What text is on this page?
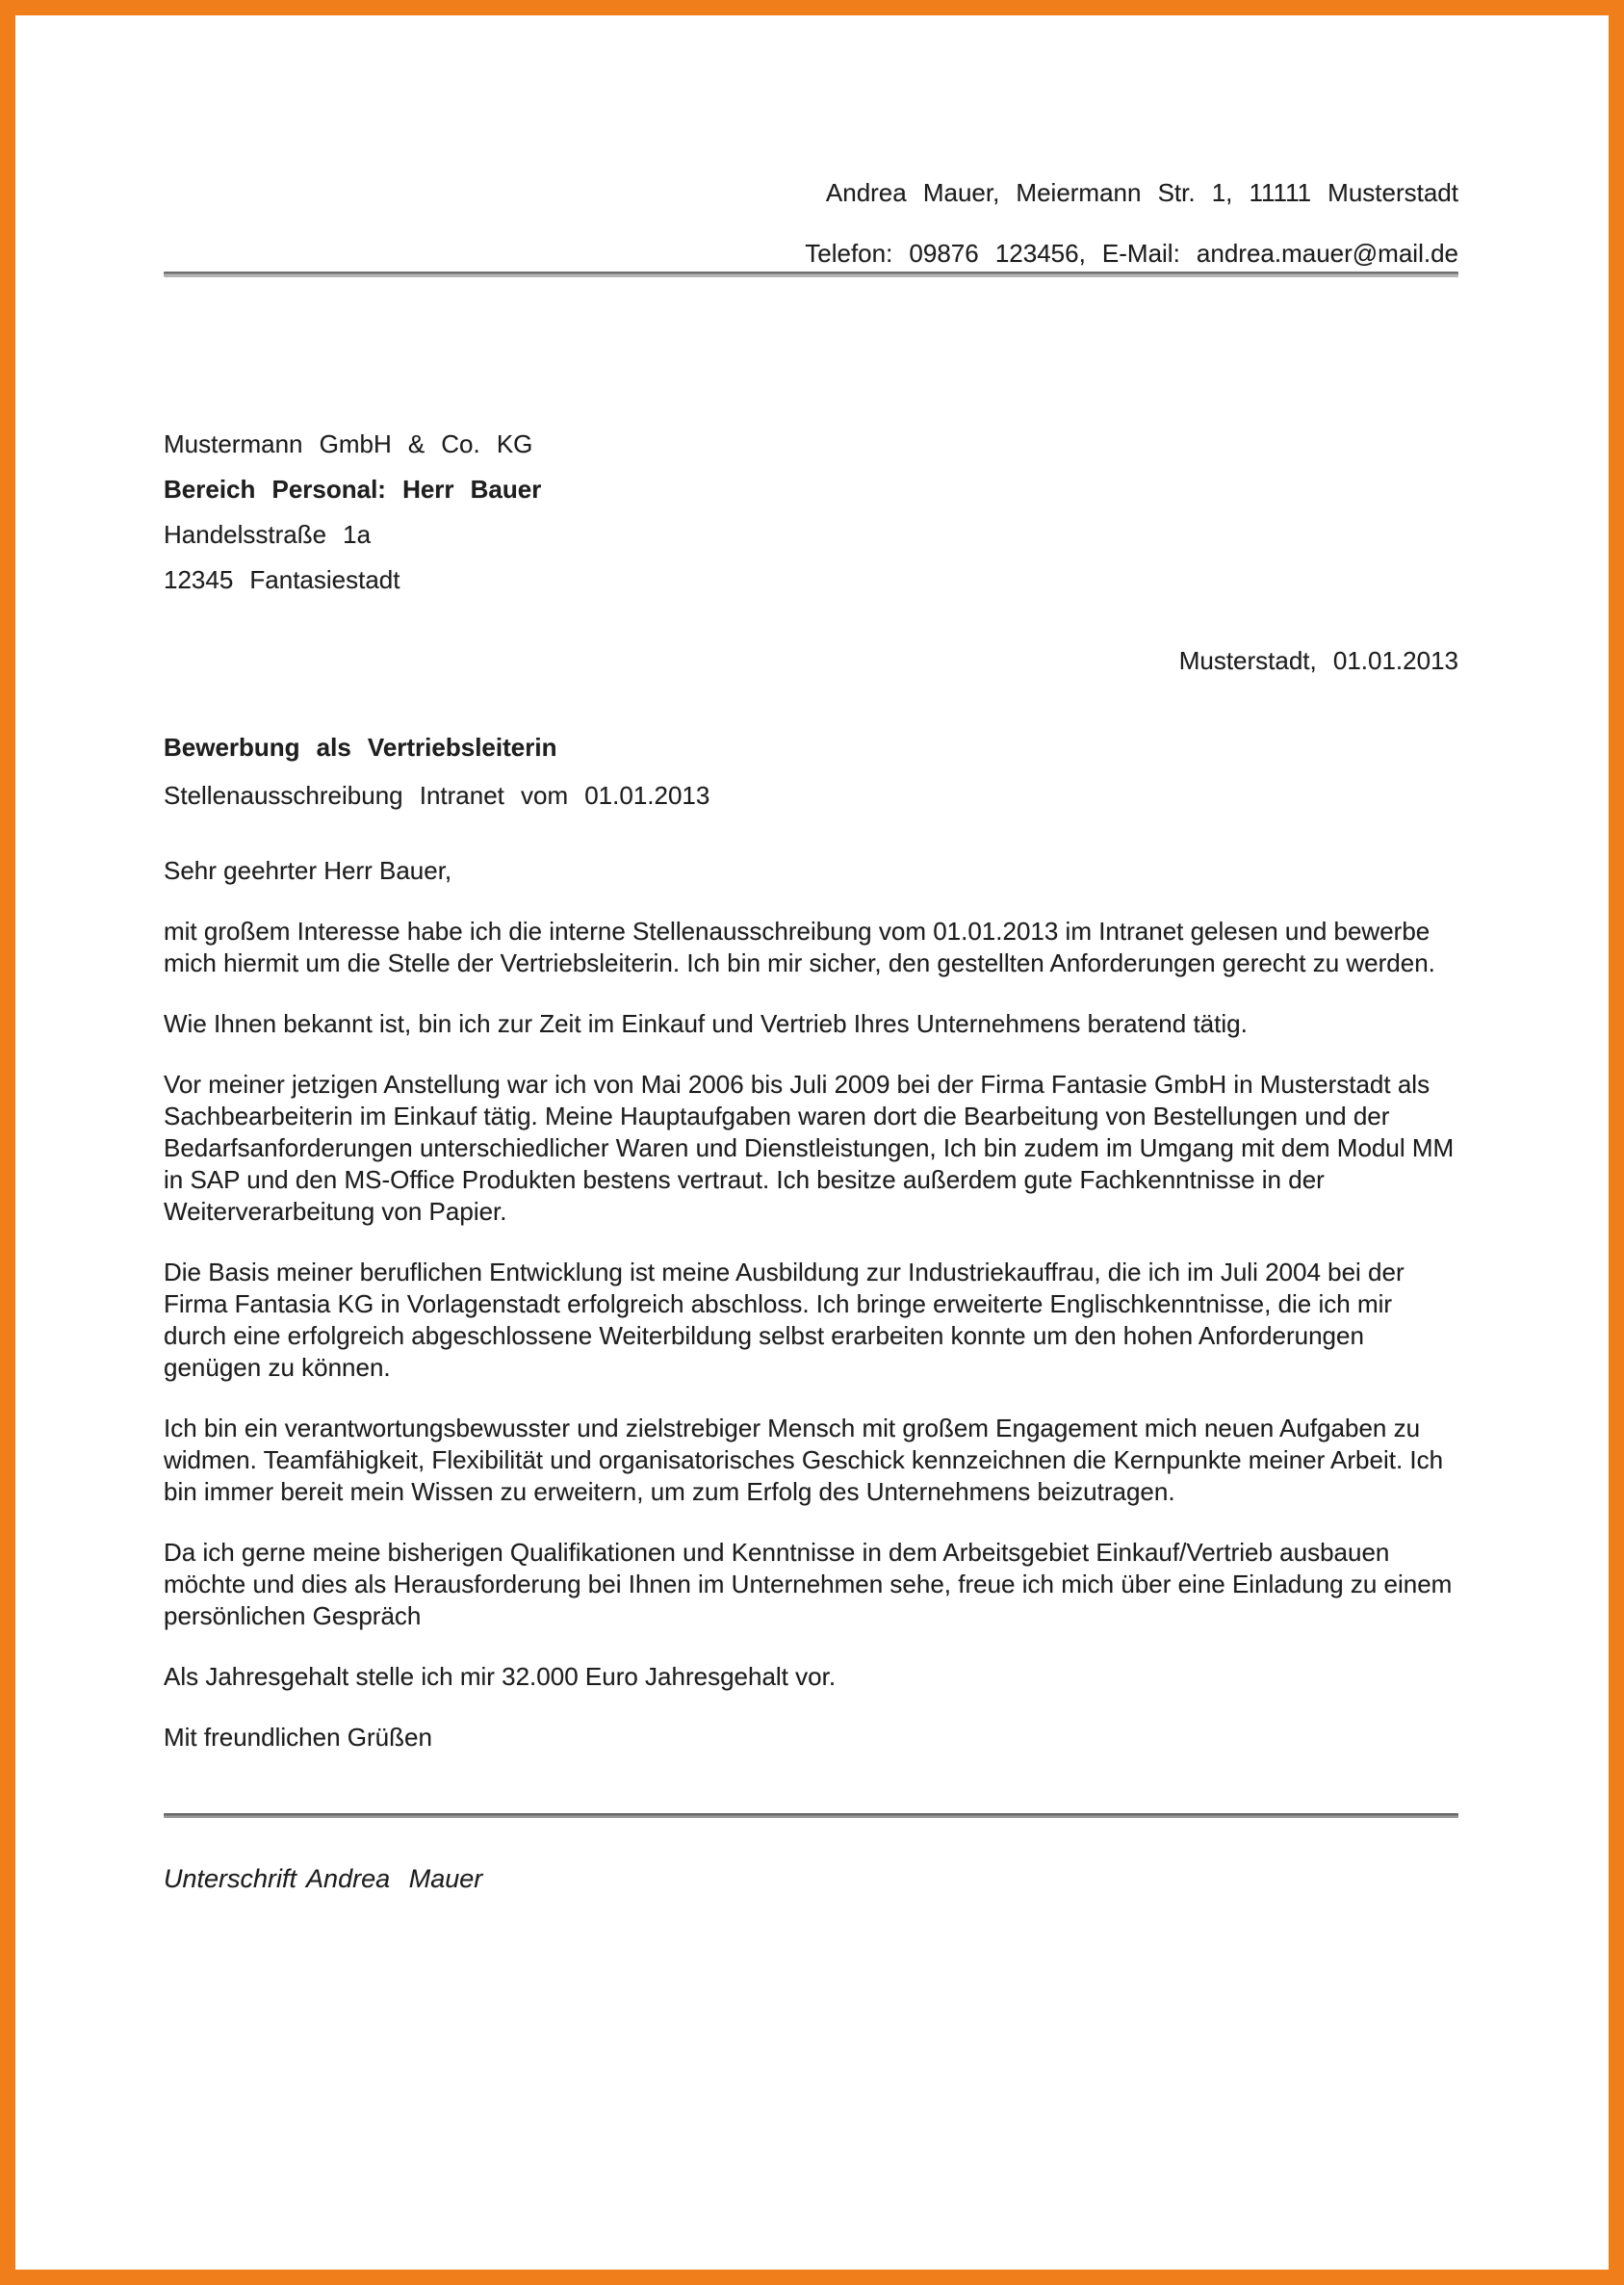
Andrea Mauer, Meiermann Str. 1, 11111 Musterstadt
Telefon: 09876 123456, E-Mail: andrea.mauer@mail.de
Mustermann GmbH & Co. KG
Bereich Personal: Herr Bauer
Handelsstraße 1a
12345 Fantasiestadt
Musterstadt, 01.01.2013
Bewerbung als Vertriebsleiterin
Stellenausschreibung Intranet vom 01.01.2013

Sehr geehrter Herr Bauer,

mit großem Interesse habe ich die interne Stellenausschreibung vom 01.01.2013 im Intranet gelesen und bewerbe mich hiermit um die Stelle der Vertriebsleiterin. Ich bin mir sicher, den gestellten Anforderungen gerecht zu werden.

Wie Ihnen bekannt ist, bin ich zur Zeit im Einkauf und Vertrieb Ihres Unternehmens beratend tätig.

Vor meiner jetzigen Anstellung war ich von Mai 2006 bis Juli 2009 bei der Firma Fantasie GmbH in Musterstadt als Sachbearbeiterin im Einkauf tätig. Meine Hauptaufgaben waren dort die Bearbeitung von Bestellungen und der Bedarfsanforderungen unterschiedlicher Waren und Dienstleistungen, Ich bin zudem im Umgang mit dem Modul MM in SAP und den MS-Office Produkten bestens vertraut. Ich besitze außerdem gute Fachkenntnisse in der Weiterverarbeitung von Papier.

Die Basis meiner beruflichen Entwicklung ist meine Ausbildung zur Industriekauffrau, die ich im Juli 2004 bei der Firma Fantasia KG in Vorlagenstadt erfolgreich abschloss. Ich bringe erweiterte Englischkenntnisse, die ich mir durch eine erfolgreich abgeschlossene Weiterbildung selbst erarbeiten konnte um den hohen Anforderungen genügen zu können.

Ich bin ein verantwortungsbewusster und zielstrebiger Mensch mit großem Engagement mich neuen Aufgaben zu widmen. Teamfähigkeit, Flexibilität und organisatorisches Geschick kennzeichnen die Kernpunkte meiner Arbeit. Ich bin immer bereit mein Wissen zu erweitern, um zum Erfolg des Unternehmens beizutragen.

Da ich gerne meine bisherigen Qualifikationen und Kenntnisse in dem Arbeitsgebiet Einkauf/Vertrieb ausbauen möchte und dies als Herausforderung bei Ihnen im Unternehmen sehe, freue ich mich über eine Einladung zu einem persönlichen Gespräch

Als Jahresgehalt stelle ich mir 32.000 Euro Jahresgehalt vor.

Mit freundlichen Grüßen

Unterschrift Andrea Mauer
